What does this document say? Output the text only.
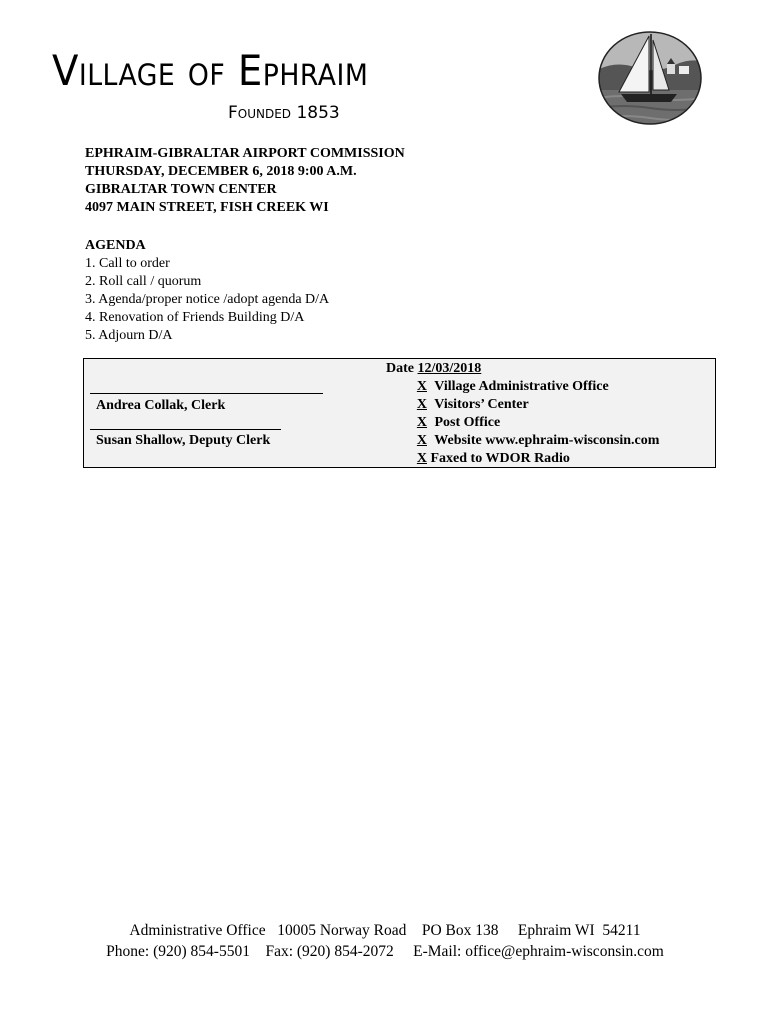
Village of Ephraim
Founded 1853
EPHRAIM-GIBRALTAR AIRPORT COMMISSION
THURSDAY, DECEMBER 6, 2018 9:00 A.M.
GIBRALTAR TOWN CENTER
4097 MAIN STREET, FISH CREEK WI
AGENDA
1. Call to order
2. Roll call / quorum
3. Agenda/proper notice /adopt agenda D/A
4. Renovation of Friends Building D/A
5. Adjourn D/A
Andrea Collak, Clerk
Susan Shallow, Deputy Clerk
Date 12/03/2018
X Village Administrative Office
X Visitors’ Center
X Post Office
X Website www.ephraim-wisconsin.com
X Faxed to WDOR Radio
Administrative Office   10005 Norway Road    PO Box 138     Ephraim WI  54211
Phone: (920) 854-5501    Fax: (920) 854-2072     E-Mail: office@ephraim-wisconsin.com
